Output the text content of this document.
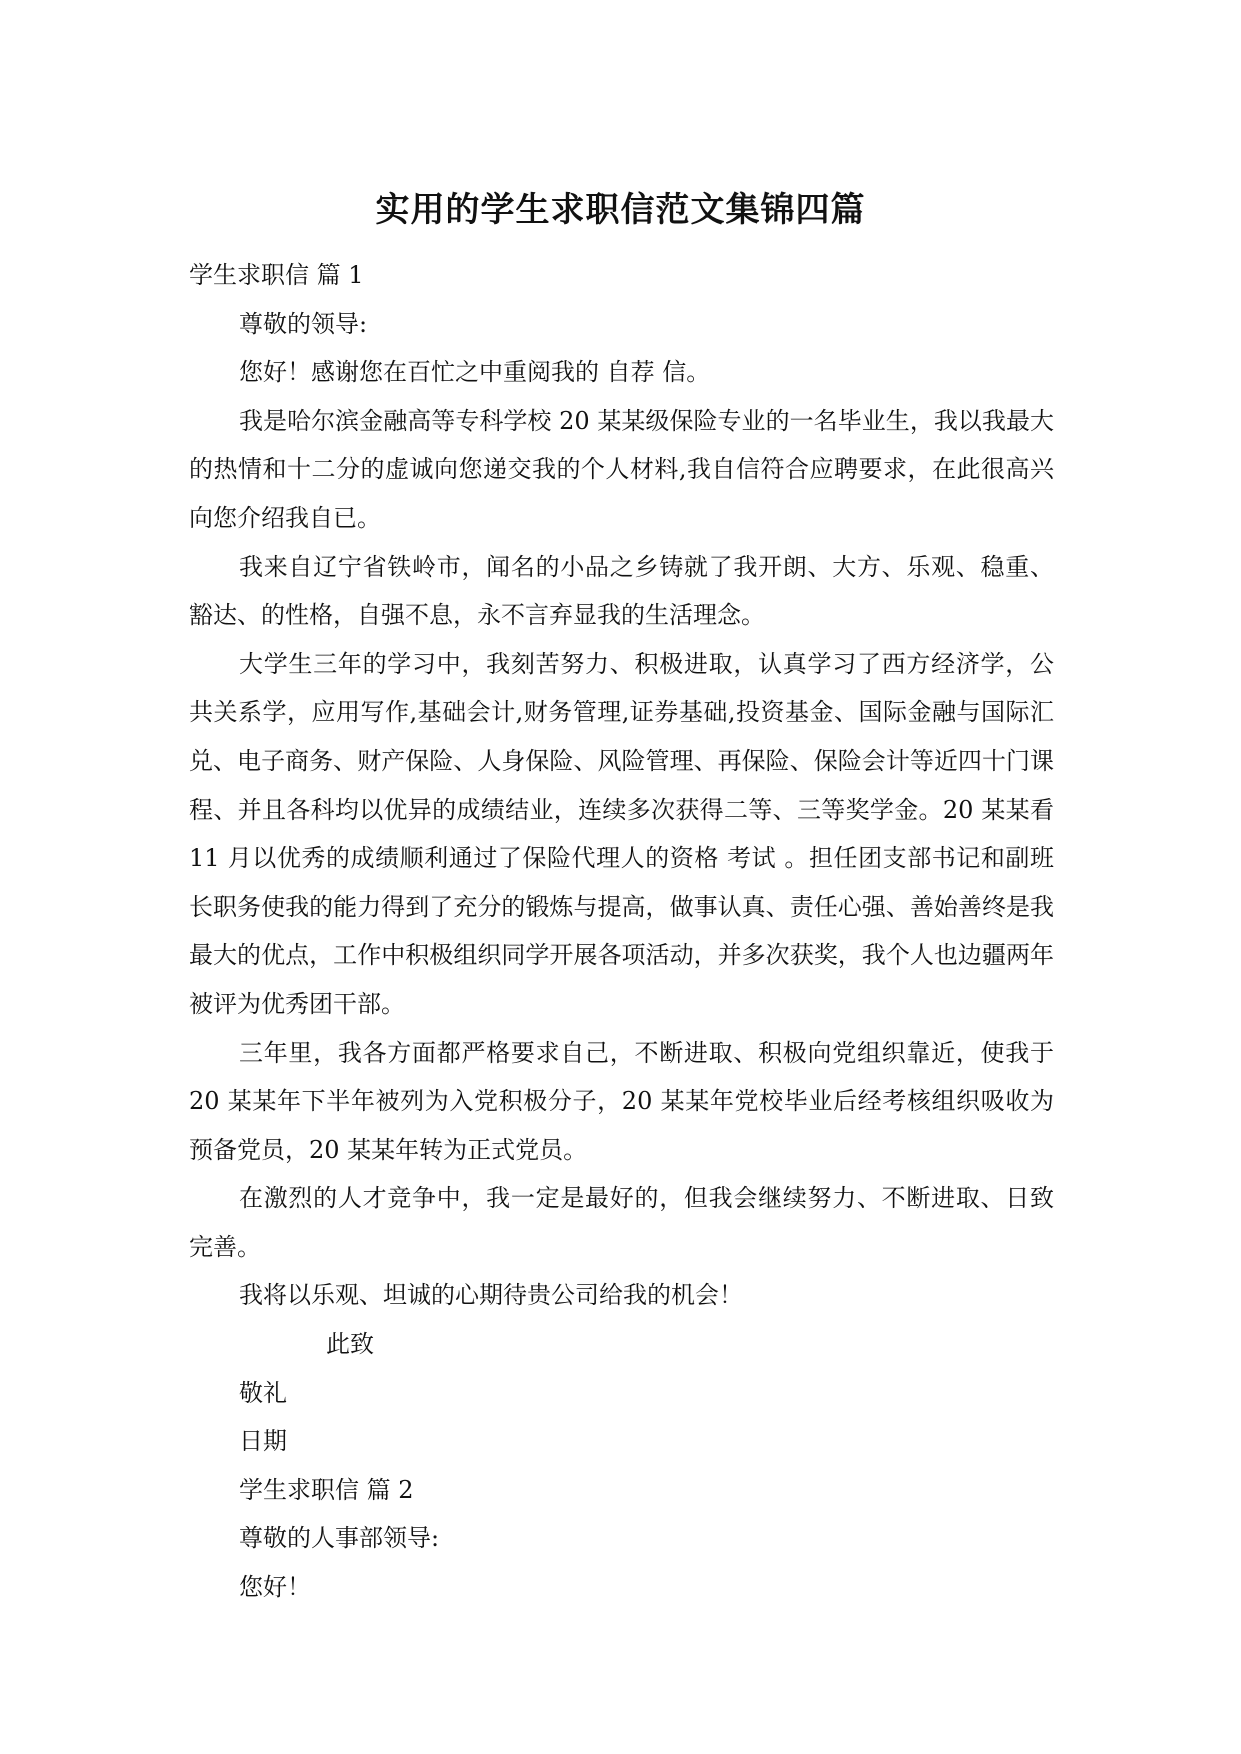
实用的学生求职信范文集锦四篇

学生求职信 篇 1

尊敬的领导:

您好！感谢您在百忙之中重阅我的 自荐 信。

我是哈尔滨金融高等专科学校 20 某某级保险专业的一名毕业生，我以我最大的热情和十二分的虚诚向您递交我的个人材料,我自信符合应聘要求，在此很高兴向您介绍我自已。

我来自辽宁省铁岭市，闻名的小品之乡铸就了我开朗、大方、乐观、稳重、豁达、的性格，自强不息，永不言弃显我的生活理念。

大学生三年的学习中，我刻苦努力、积极进取，认真学习了西方经济学，公共关系学，应用写作,基础会计,财务管理,证券基础,投资基金、国际金融与国际汇兑、电子商务、财产保险、人身保险、风险管理、再保险、保险会计等近四十门课程、并且各科均以优异的成绩结业，连续多次获得二等、三等奖学金。20 某某看 11 月以优秀的成绩顺利通过了保险代理人的资格 考试 。担任团支部书记和副班长职务使我的能力得到了充分的锻炼与提高，做事认真、责任心强、善始善终是我最大的优点，工作中积极组织同学开展各项活动，并多次获奖，我个人也边疆两年被评为优秀团干部。

三年里，我各方面都严格要求自己，不断进取、积极向党组织靠近，使我于 20 某某年下半年被列为入党积极分子，20 某某年党校毕业后经考核组织吸收为预备党员，20 某某年转为正式党员。

在激烈的人才竞争中，我一定是最好的，但我会继续努力、不断进取、日致完善。

我将以乐观、坦诚的心期待贵公司给我的机会！

此致

敬礼

日期

学生求职信 篇 2

尊敬的人事部领导:

您好！
